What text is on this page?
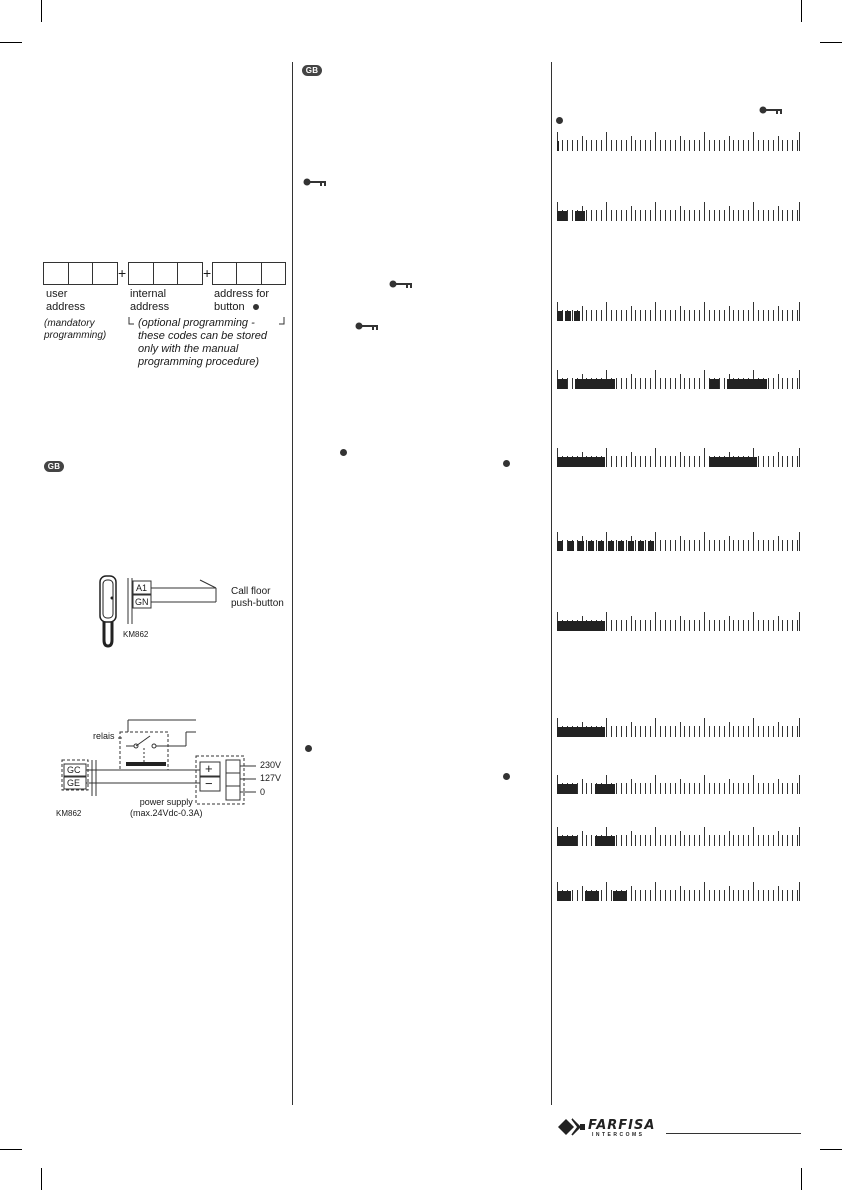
+	+
user
address
internal
address
address for
button
(mandatory
programming)
(optional programming -
these codes can be stored
only with the manual
programming procedure)
GB
A1
GN
KM862
Call floor
push-button
relais
GC
GE
+
−
230V
127V
0
power supply
(max.24Vdc-0.3A)
KM862
GB
FARFISA
INTERCOMS
